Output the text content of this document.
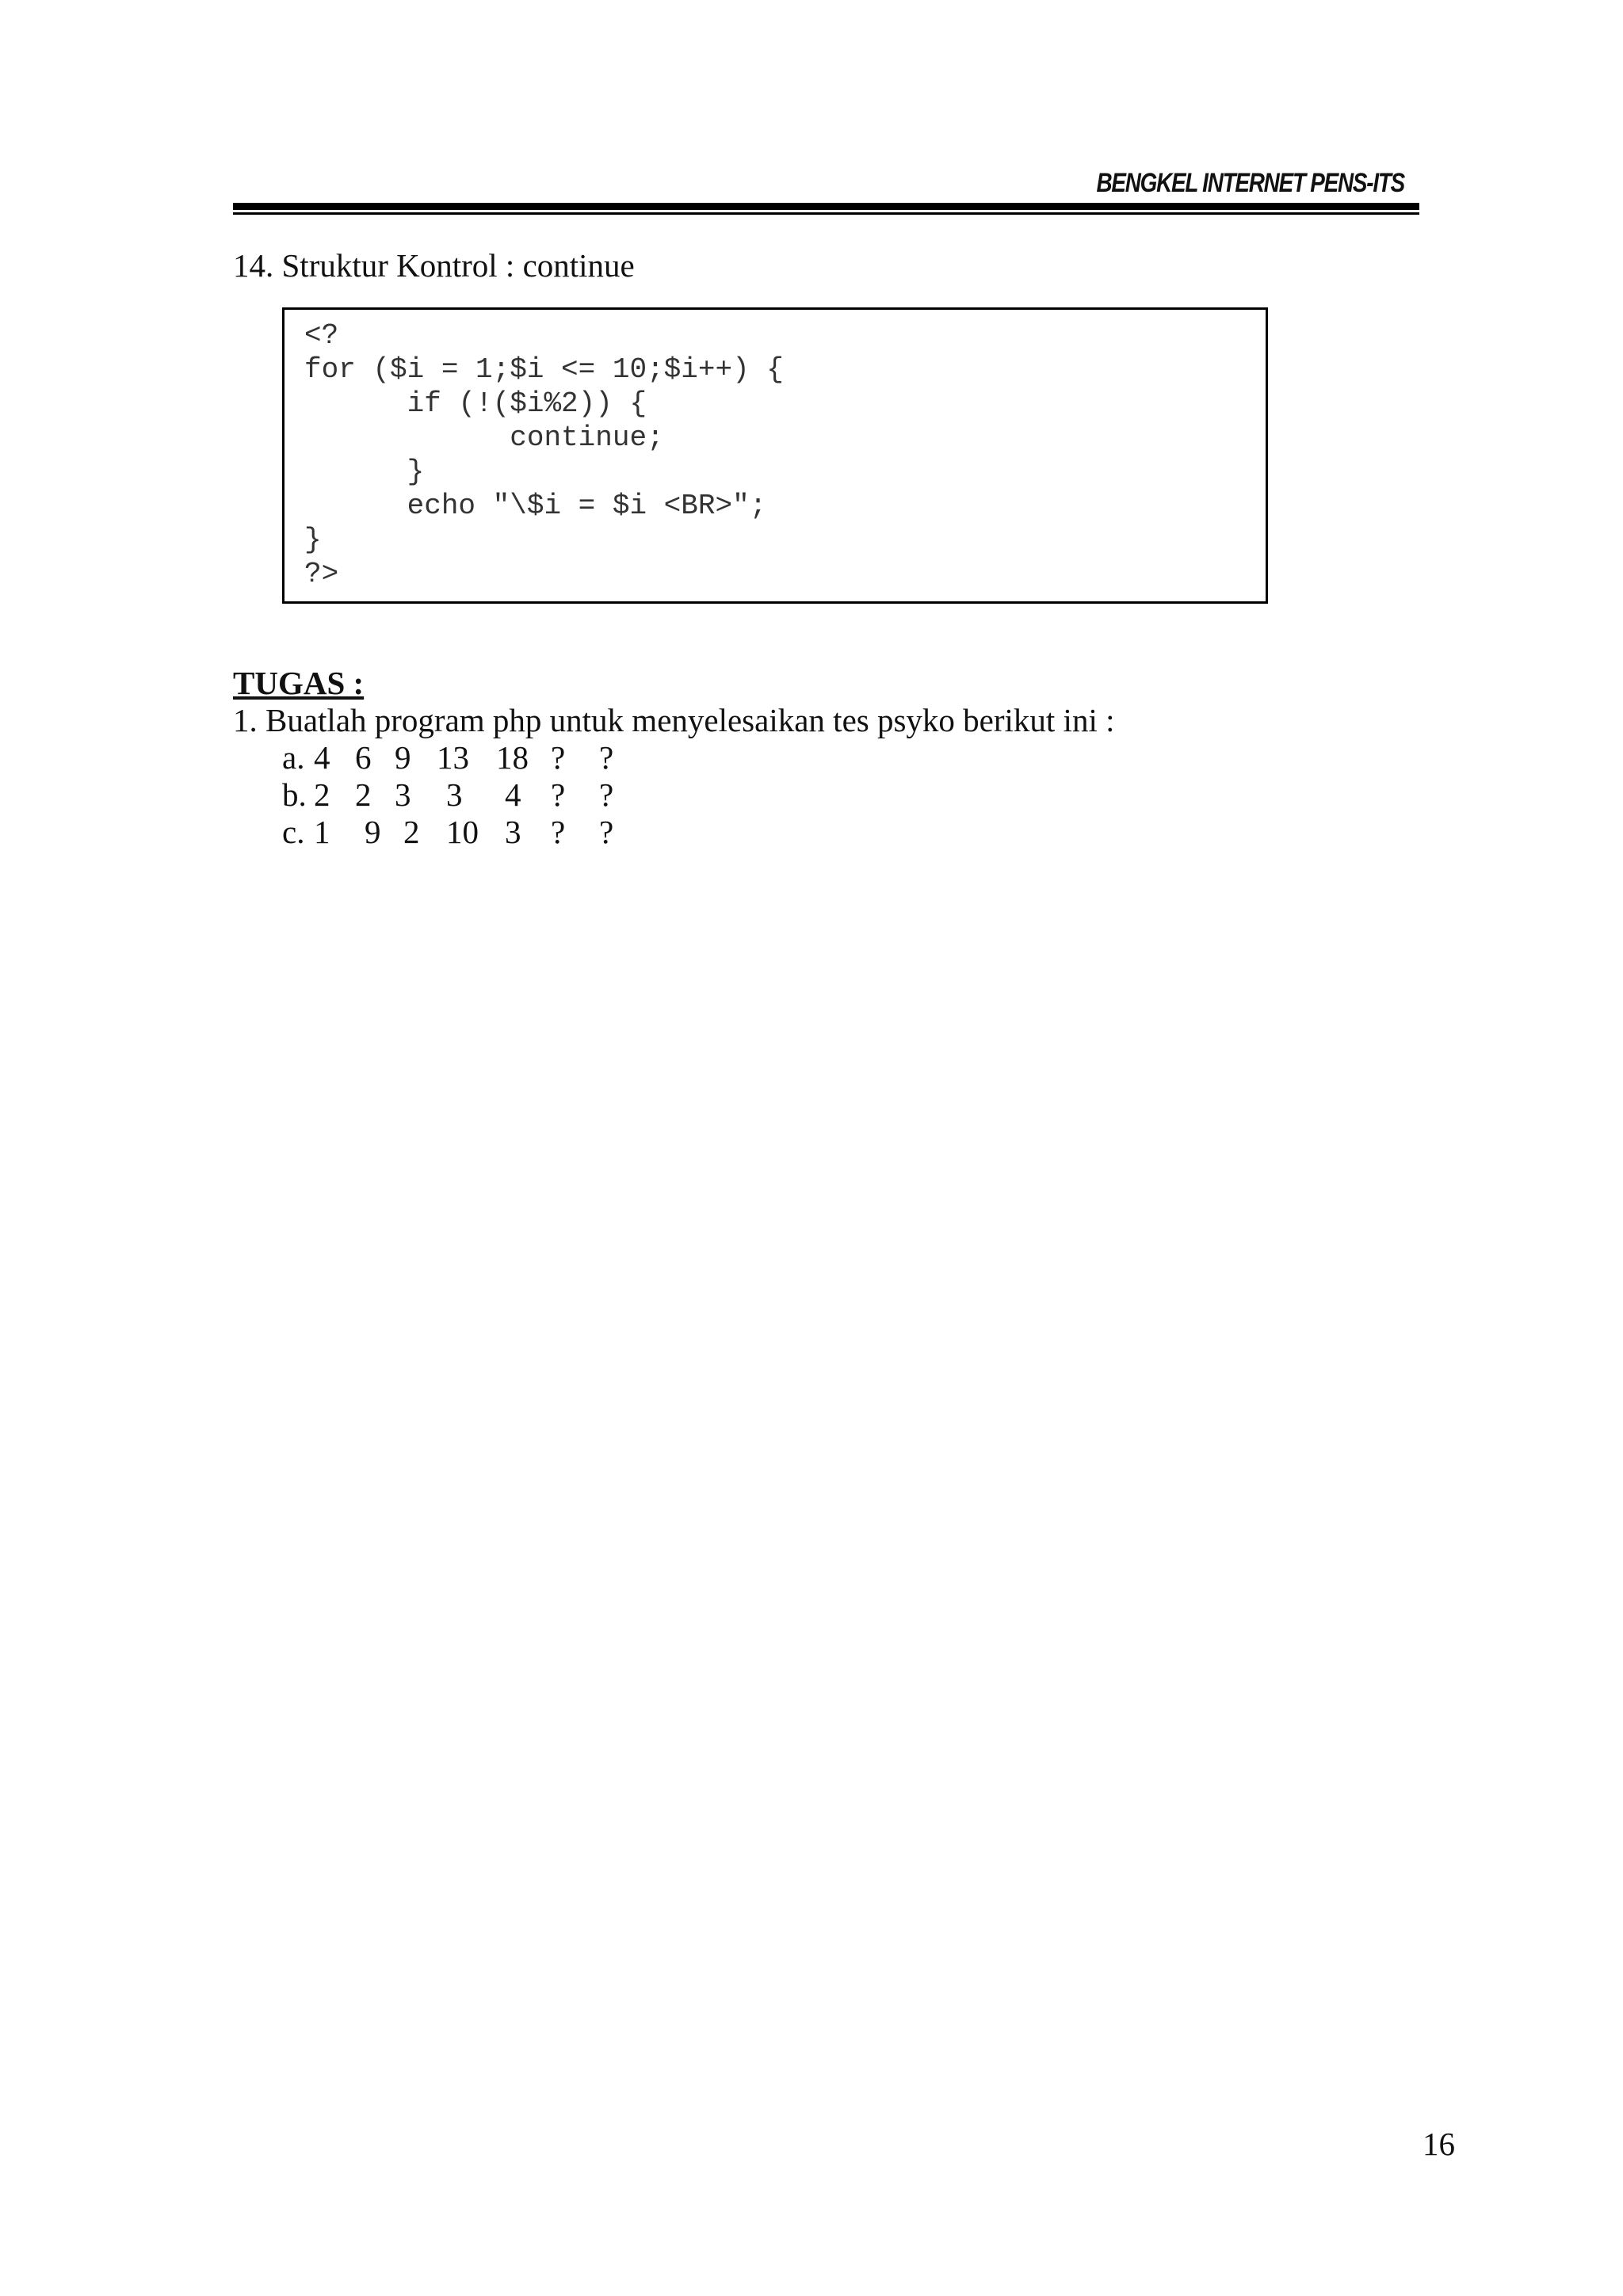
BENGKEL INTERNET PENS-ITS
14. Struktur Kontrol : continue
<?
for ($i = 1;$i <= 10;$i++) {
if (!($i%2)) {
continue;
}
echo "\$i = $i <BR>";
}
?>
TUGAS :
1. Buatlah program php untuk menyelesaikan tes psyko berikut ini :
a. 4 6 9 13 18 ? ?
b. 2 2 3 3 4 ? ?
c. 1 9 2 10 3 ? ?
16
